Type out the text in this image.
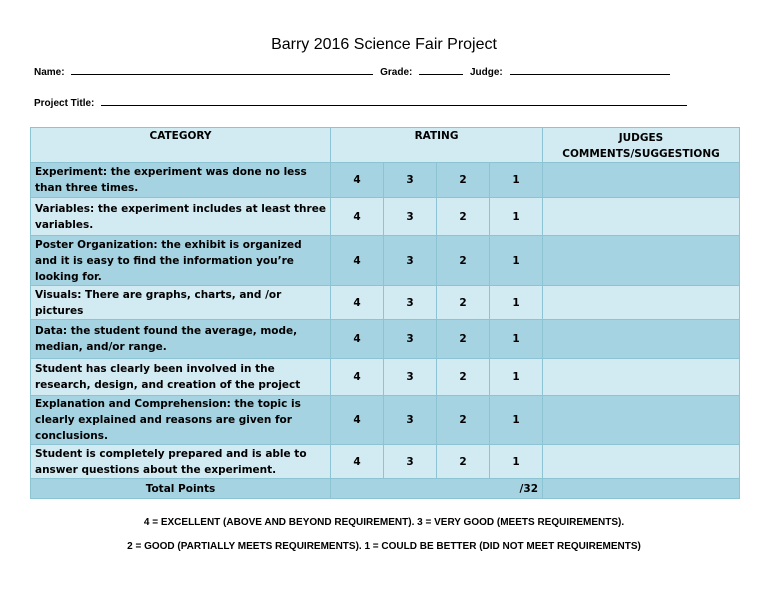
Barry 2016 Science Fair Project
Name:	Grade:	Judge:
Project Title:
CATEGORY	RATING				JUDGES
COMMENTS/SUGGESTIONG

Experiment: the experiment was done no less than three times.	4	3	2	1	
Variables: the experiment includes at least three variables.	4	3	2	1	
Poster Organization: the exhibit is organized and it is easy to find the information you’re looking for.	4	3	2	1	
Visuals: There are graphs, charts, and /or pictures	4	3	2	1	
Data: the student found the average, mode, median, and/or range.	4	3	2	1	
Student has clearly been involved in the research, design, and creation of the project	4	3	2	1	
Explanation and Comprehension: the topic is clearly explained and reasons are given for conclusions.	4	3	2	1	
Student is completely prepared and is able to answer questions about the experiment.	4	3	2	1	
Total Points	/32				
4 = EXCELLENT (ABOVE AND BEYOND REQUIREMENT). 3 = VERY GOOD (MEETS REQUIREMENTS).
2 = GOOD (PARTIALLY MEETS REQUIREMENTS). 1 = COULD BE BETTER (DID NOT MEET REQUIREMENTS)
